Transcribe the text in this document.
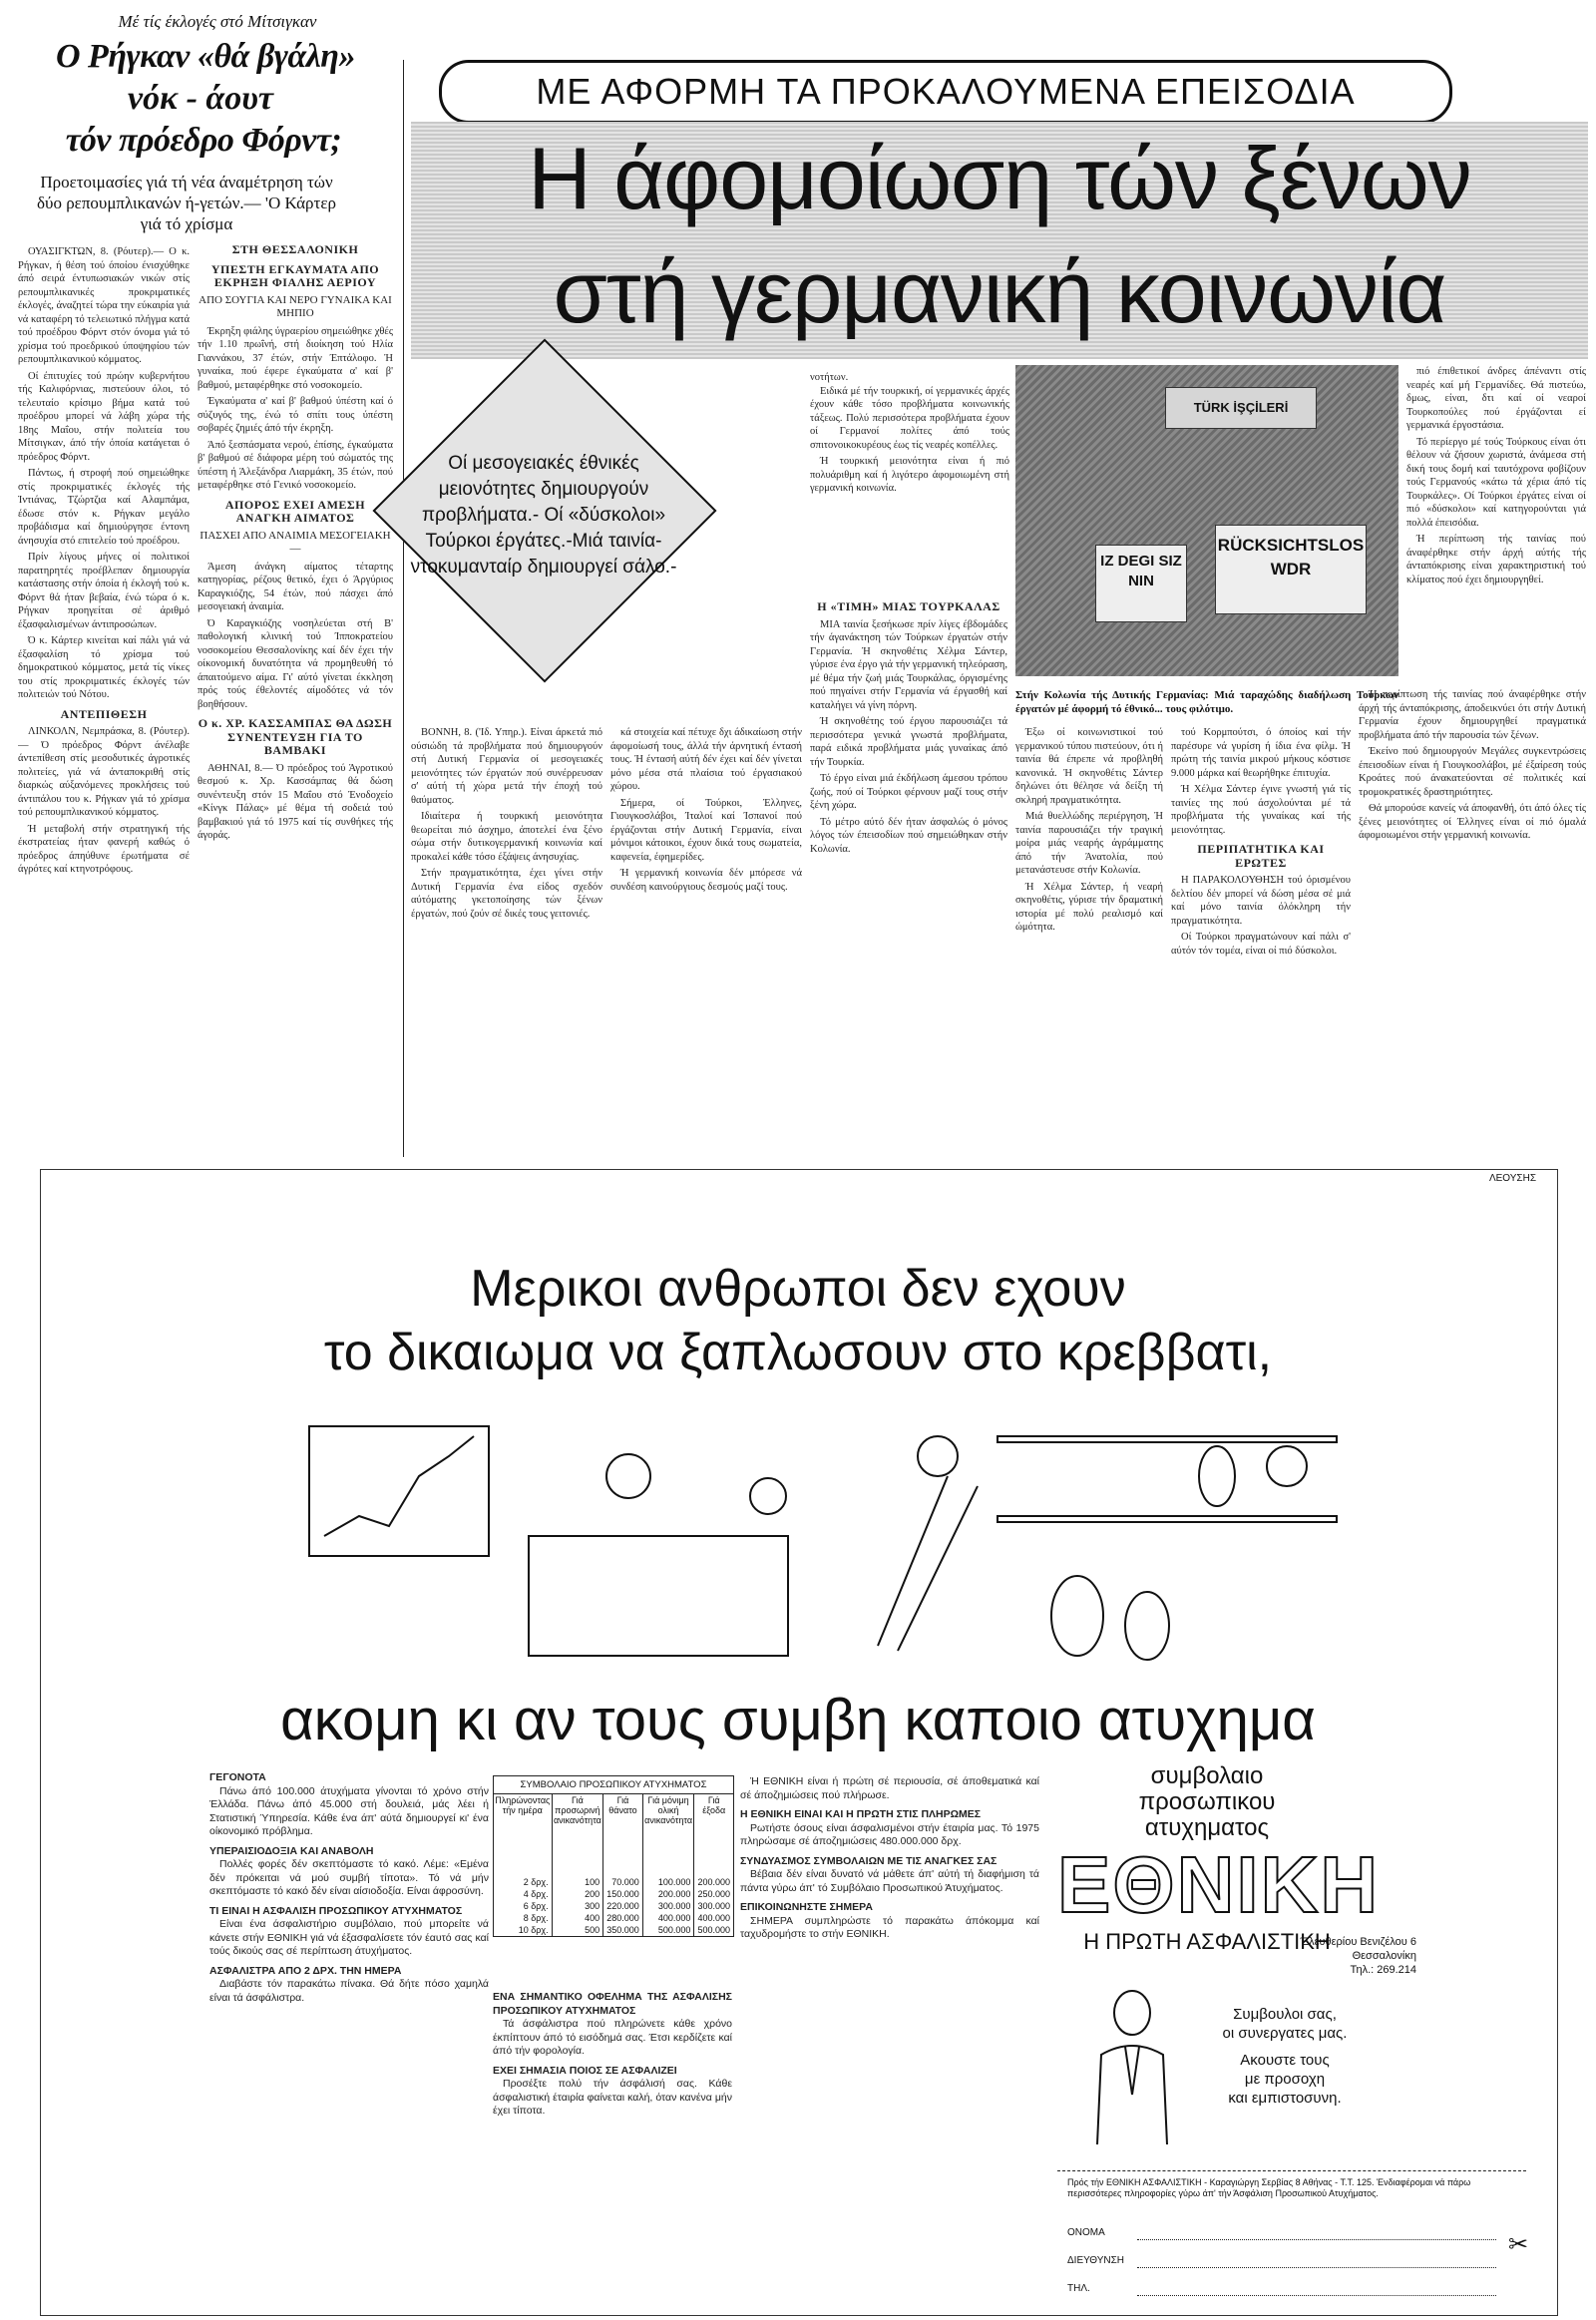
Μέ τίς έκλογές στό Μίτσιγκαν
Ο Ρήγκαν «θά βγάλη»
νόκ - άουτ
τόν πρόεδρο Φόρντ;
Προετοιμασίες γιά τή νέα άναμέτρηση τών δύο ρεπουμπλικανών ή-γετών.— 'Ο Κάρτερ γιά τό χρίσμα

ΟΥΑΣΙΓΚΤΩΝ, 8. (Ρόυτερ).— Ο κ. Ρήγκαν, ή θέση τού όποίου ένισχύθηκε άπό σειρά έντυπωσιακών νικών στίς ρεπουμπλικανικές προκριματικές έκλογές, άναζητεί τώρα την εύκαιρία γιά νά καταφέρη τό τελειωτικό πλήγμα κατά τού προέδρου Φόρντ στόν όνομα γιά τό χρίσμα τού προεδρικού ύποψηφίου τών ρεπουμπλικανικού κόμματος.

Οί έπιτυχίες τού πρώην κυβερνήτου τής Καλιφόρνιας, πιστεύουν όλοι, τό τελευταίο κρίσιμο βήμα κατά τού προέδρου μπορεί νά λάβη χώρα τής 18ης Μαΐου, στήν πολιτεία του Μίτσιγκαν, άπό τήν όποία κατάγεται ό πρόεδρος Φόρντ.

Πάντως, ή στροφή πού σημειώθηκε στίς προκριματικές έκλογές τής Ίντιάνας, Τζώρτζια καί Αλαμπάμα, έδωσε στόν κ. Ρήγκαν μεγάλο προβάδισμα καί δημιούργησε έντονη άνησυχία στό επιτελείο τού προέδρου.

Πρίν λίγους μήνες οί πολιτικοί παρατηρητές προέβλεπαν δημιουργία κατάστασης στήν όποία ή έκλογή τού κ. Φόρντ θά ήταν βεβαία, ένώ τώρα ό κ. Ρήγκαν προηγείται σέ άριθμό έξασφαλισμένων άντιπροσώπων.

Ό κ. Κάρτερ κινείται καί πάλι γιά νά έξασφαλίση τό χρίσμα τού δημοκρατικού κόμματος, μετά τίς νίκες του στίς προκριματικές έκλογές τών πολιτειών τού Νότου.

ΑΝΤΕΠΙΘΕΣΗ

ΛΙΝΚΟΛΝ, Νεμπράσκα, 8. (Ρόυτερ).— Ό πρόεδρος Φόρντ άνέλαβε άντεπίθεση στίς μεσοδυτικές άγροτικές πολιτείες, γιά νά άνταποκριθή στίς διαρκώς αύξανόμενες προκλήσεις τού άντιπάλου του κ. Ρήγκαν γιά τό χρίσμα τού ρεπουμπλικανικού κόμματος.

Ή μεταβολή στήν στρατηγική τής έκστρατείας ήταν φανερή καθώς ό πρόεδρος άπηύθυνε έρωτήματα σέ άγρότες καί κτηνοτρόφους.

ΣΤΗ ΘΕΣΣΑΛΟΝΙΚΗ
ΥΠΕΣΤΗ ΕΓΚΑΥΜΑΤΑ ΑΠΟ ΕΚΡΗΞΗ ΦΙΑΛΗΣ ΑΕΡΙΟΥ
ΑΠΟ ΣΟΥΓΙΑ ΚΑΙ ΝΕΡΟ ΓΥΝΑΙΚΑ ΚΑΙ ΜΗΠΙΟ

Έκρηξη φιάλης ύγραερίου σημειώθηκε χθές τήν 1.10 πρωΐνή, στή διοίκηση τού Ηλία Γιαννάκου, 37 έτών, στήν Έπτάλοφο. Ή γυναίκα, πού έφερε έγκαύματα α' καί β' βαθμού, μεταφέρθηκε στό νοσοκομείο.

Έγκαύματα α' καί β' βαθμού ύπέστη καί ό σύζυγός της, ένώ τό σπίτι τους ύπέστη σοβαρές ζημιές άπό τήν έκρηξη.

Άπό ξεσπάσματα νερού, έπίσης, έγκαύματα β' βαθμού σέ διάφορα μέρη τού σώματός της ύπέστη ή Άλεξάνδρα Λιαρμάκη, 35 έτών, πού μεταφέρθηκε στό Γενικό νοσοκομείο.

ΑΠΟΡΟΣ ΕΧΕΙ ΑΜΕΣΗ ΑΝΑΓΚΗ ΑΙΜΑΤΟΣ
ΠΑΣΧΕΙ ΑΠΟ ΑΝΑΙΜΙΑ ΜΕΣΟΓΕΙΑΚΗ —

Άμεση άνάγκη αίματος τέταρτης κατηγορίας, ρέζους θετικό, έχει ό Άργύριος Καραγκιόζης, 54 έτών, πού πάσχει άπό μεσογειακή άναιμία.

Ό Καραγκιόζης νοσηλεύεται στή Β' παθολογική κλινική τού Ίπποκρατείου νοσοκομείου Θεσσαλονίκης καί δέν έχει τήν οίκονομική δυνατότητα νά προμηθευθή τό άπαιτούμενο αίμα. Γι' αύτό γίνεται έκκληση πρός τούς έθελοντές αίμοδότες νά τόν βοηθήσουν.

Ο κ. ΧΡ. ΚΑΣΣΑΜΠΑΣ ΘΑ ΔΩΣΗ ΣΥΝΕΝΤΕΥΞΗ ΓΙΑ ΤΟ ΒΑΜΒΑΚΙ

ΑΘΗΝΑΙ, 8.— Ό πρόεδρος τού Άγροτικού θεσμού κ. Χρ. Κασσάμπας θά δώση συνέντευξη στόν 15 Μαΐου στό Ένοδοχείο «Κίνγκ Πάλας» μέ θέμα τή σοδειά τού βαμβακιού γιά τό 1975 καί τίς συνθήκες τής άγοράς.

ΜΕ ΑΦΟΡΜΗ ΤΑ ΠΡΟΚΑΛΟΥΜΕΝΑ ΕΠΕΙΣΟΔΙΑ
Η άφομοίωση τών ξένων
στή γερμανική κοινωνία
Οί μεσογειακές έθνικές μειονότητες δημιουργούν προβλήματα.- Οί «δύσκολοι» Τούρκοι έργάτες.-Μιά ταινία-ντοκυμανταίρ δημιουργεί σάλο.-
νοτήτων.

Ειδικά μέ τήν τουρκική, οί γερμανικές άρχές έχουν κάθε τόσο προβλήματα κοινωνικής τάξεως. Πολύ περισσότερα προβλήματα έχουν οί Γερμανοί πολίτες άπό τούς σπιτονοικοκυρέους έως τίς νεαρές κοπέλλες.

Ή τουρκική μειονότητα είναι ή πιό πολυάριθμη καί ή λιγότερο άφομοιωμένη στή γερμανική κοινωνία.

IZ DEGI SIZ NIN
RÜCKSICHTSLOS WDR
TÜRK İŞÇİLERİ
Στήν Κολωνία τής Δυτικής Γερμανίας: Μιά ταραχώδης διαδήλωση Τούρκων έργατών μέ άφορμή τό έθνικό... τους φιλότιμο.

πιό έπιθετικοί άνδρες άπέναντι στίς νεαρές καί μή Γερμανίδες. Θά πιστεύω, δμως, είναι, δτι καί οί νεαροί Τουρκοπούλες πού έργάζονται εί γερμανικά έργοστάσια.

Τό περίεργο μέ τούς Τούρκους είναι ότι θέλουν νά ζήσουν χωριστά, άνάμεσα στή δική τους δομή καί ταυτόχρονα φοβίζουν τούς Γερμανούς «κάτω τά χέρια άπό τίς Τουρκάλες». Οί Τούρκοι έργάτες είναι οί πιό «δύσκολοι» καί κατηγορούνται γιά πολλά έπεισόδια.

Ή περίπτωση τής ταινίας πού άναφέρθηκε στήν άρχή αύτής τής άνταπόκρισης είναι χαρακτηριστική τού κλίματος πού έχει δημιουργηθεί.

ΒΟΝΝΗ, 8. ('Ιδ. Υπηρ.). Είναι άρκετά πιό ούσιώδη τά προβλήματα πού δημιουργούν στή Δυτική Γερμανία οί μεσογειακές μειονότητες τών έργατών πού συνέρρευσαν σ' αύτή τή χώρα μετά τήν έποχή τού θαύματος.

Ιδιαίτερα ή τουρκική μειονότητα θεωρείται πιό άσχημο, άποτελεί ένα ξένο σώμα στήν δυτικογερμανική κοινωνία καί προκαλεί κάθε τόσο έξάψεις άνησυχίας.

Στήν πραγματικότητα, έχει γίνει στήν Δυτική Γερμανία ένα είδος σχεδόν αύτόματης γκετοποίησης τών ξένων έργατών, πού ζούν σέ δικές τους γειτονιές.

κά στοιχεία καί πέτυχε δχι άδικαίωση στήν άφομοίωσή τους, άλλά τήν άρνητική έντασή τους. Ή έντασή αύτή δέν έχει καί δέν γίνεται μόνο μέσα στά πλαίσια τού έργασιακού χώρου.

Σήμερα, οί Τούρκοι, Έλληνες, Γιουγκοσλάβοι, Ίταλοί καί Ίσπανοί πού έργάζονται στήν Δυτική Γερμανία, είναι μόνιμοι κάτοικοι, έχουν δικά τους σωματεία, καφενεία, έφημερίδες.

Ή γερμανική κοινωνία δέν μπόρεσε νά συνδέση καινούργιους δεσμούς μαζί τους.

Η «ΤΙΜΗ» ΜΙΑΣ ΤΟΥΡΚΑΛΑΣ

ΜΙΑ ταινία ξεσήκωσε πρίν λίγες έβδομάδες τήν άγανάκτηση τών Τούρκων έργατών στήν Γερμανία. Ή σκηνοθέτις Χέλμα Σάντερ, γύρισε ένα έργο γιά τήν γερμανική τηλεόραση, μέ θέμα τήν ζωή μιάς Τουρκάλας, όργισμένης πού πηγαίνει στήν Γερμανία νά έργασθή καί καταλήγει νά γίνη πόρνη.

Ή σκηνοθέτης τού έργου παρουσιάζει τά περισσότερα γενικά γνωστά προβλήματα, παρά ειδικά προβλήματα μιάς γυναίκας άπό τήν Τουρκία.

Τό έργο είναι μιά έκδήλωση άμεσου τρόπου ζωής, πού οί Τούρκοι φέρνουν μαζί τους στήν ξένη χώρα.

Τό μέτρο αύτό δέν ήταν άσφαλώς ό μόνος λόγος τών έπεισοδίων πού σημειώθηκαν στήν Κολωνία.

Έξω οί κοινωνιστικοί τού γερμανικού τύπου πιστεύουν, ότι ή ταινία θά έπρεπε νά προβληθή κανονικά. Ή σκηνοθέτις Σάντερ δηλώνει ότι θέλησε νά δείξη τή σκληρή πραγματικότητα.

Μιά θυελλώδης περιέργηση, Ή ταινία παρουσιάζει τήν τραγική μοίρα μιάς νεαρής άγράμματης άπό τήν Άνατολία, πού μετανάστευσε στήν Κολωνία.

Ή Χέλμα Σάντερ, ή νεαρή σκηνοθέτις, γύρισε τήν δραματική ιστορία μέ πολύ ρεαλισμό καί ώμότητα.

τού Κορμπούτσι, ό όποίος καί τήν παρέσυρε νά γυρίση ή ίδια ένα φίλμ. Ή πρώτη τής ταινία μικρού μήκους κόστισε 9.000 μάρκα καί θεωρήθηκε έπιτυχία.

Ή Χέλμα Σάντερ έγινε γνωστή γιά τίς ταινίες της πού άσχολούνται μέ τά προβλήματα τής γυναίκας καί τής μειονότητας.

ΠΕΡΙΠΑΤΗΤΙΚΑ ΚΑΙ ΕΡΩΤΕΣ

Η ΠΑΡΑΚΟΛΟΥΘΗΣΗ τού όρισμένου δελτίου δέν μπορεί νά δώση μέσα σέ μιά καί μόνο ταινία όλόκληρη τήν πραγματικότητα.

Οί Τούρκοι πραγματώνουν καί πάλι σ' αύτόν τόν τομέα, είναι οί πιό δύσκολοι.

Ή περίπτωση τής ταινίας πού άναφέρθηκε στήν άρχή τής άνταπόκρισης, άποδεικνύει ότι στήν Δυτική Γερμανία έχουν δημιουργηθεί πραγματικά προβλήματα άπό τήν παρουσία τών ξένων.

Έκείνο πού δημιουργούν Μεγάλες συγκεντρώσεις έπεισοδίων είναι ή Γιουγκοσλάβοι, μέ έξαίρεση τούς Κροάτες πού άνακατεύονται σέ πολιτικές καί τρομοκρατικές δραστηριότητες.

Θά μπορούσε κανείς νά άποφανθή, ότι άπό όλες τίς ξένες μειονότητες οί Έλληνες είναι οί πιό όμαλά άφομοιωμένοι στήν γερμανική κοινωνία.

ΛΕΟΥΣΗΣ
Μερικοι ανθρωποι δεν εχουν
το δικαιωμα να ξαπλωσουν στο κρεββατι,
ακομη κι αν τους συμβη καποιο ατυχημα
ΓΕΓΟΝΟΤΑ

Πάνω άπό 100.000 άτυχήματα γίνονται τό χρόνο στήν Έλλάδα. Πάνω άπό 45.000 στή δουλειά, μάς λέει ή Στατιστική Ύπηρεσία. Κάθε ένα άπ' αύτά δημιουργεί κι' ένα οίκονομικό πρόβλημα.

ΥΠΕΡΑΙΣΙΟΔΟΞΙΑ ΚΑΙ ΑΝΑΒΟΛΗ

Πολλές φορές δέν σκεπτόμαστε τό κακό. Λέμε: «Εμένα δέν πρόκειται νά μού συμβή τίποτα». Τό νά μήν σκεπτόμαστε τό κακό δέν είναι αίσιοδοξία. Είναι άφροσύνη.

ΤΙ ΕΙΝΑΙ Η ΑΣΦΑΛΙΣΗ ΠΡΟΣΩΠΙΚΟΥ ΑΤΥΧΗΜΑΤΟΣ

Είναι ένα άσφαλιστήριο συμβόλαιο, πού μπορείτε νά κάνετε στήν ΕΘΝΙΚΗ γιά νά έξασφαλίσετε τόν έαυτό σας καί τούς δικούς σας σέ περίπτωση άτυχήματος.

ΑΣΦΑΛΙΣΤΡΑ ΑΠΟ 2 ΔΡΧ. ΤΗΝ ΗΜΕΡΑ

Διαβάστε τόν παρακάτω πίνακα. Θά δήτε πόσο χαμηλά είναι τά άσφάλιστρα.

ΣΥΜΒΟΛΑΙΟ ΠΡΟΣΩΠΙΚΟΥ ΑΤΥΧΗΜΑΤΟΣ
Πληρώνοντας τήν ημέρα	Γιά προσωρινή ανικανότητα	Γιά θάνατο	Γιά μόνιμη ολική ανικανότητα	Γιά έξοδα
2 δρχ.	100	70.000	100.000	200.000
4 δρχ.	200	150.000	200.000	250.000
6 δρχ.	300	220.000	300.000	300.000
8 δρχ.	400	280.000	400.000	400.000
10 δρχ.	500	350.000	500.000	500.000
ΕΝΑ ΣΗΜΑΝΤΙΚΟ ΟΦΕΛΗΜΑ ΤΗΣ ΑΣΦΑΛΙΣΗΣ ΠΡΟΣΩΠΙΚΟΥ ΑΤΥΧΗΜΑΤΟΣ

Τά άσφάλιστρα πού πληρώνετε κάθε χρόνο έκπίπτουν άπό τό εισόδημά σας. Έτσι κερδίζετε καί άπό τήν φορολογία.

ΕΧΕΙ ΣΗΜΑΣΙΑ ΠΟΙΟΣ ΣΕ ΑΣΦΑΛΙΖΕΙ

Προσέξτε πολύ τήν άσφάλισή σας. Κάθε άσφαλιστική έταιρία φαίνεται καλή, όταν κανένα μήν έχει τίποτα.

Ή ΕΘΝΙΚΗ είναι ή πρώτη σέ περιουσία, σέ άποθεματικά καί σέ άποζημιώσεις πού πλήρωσε.

Η ΕΘΝΙΚΗ ΕΙΝΑΙ ΚΑΙ Η ΠΡΩΤΗ ΣΤΙΣ ΠΛΗΡΩΜΕΣ

Ρωτήστε όσους είναι άσφαλισμένοι στήν έταιρία μας. Τό 1975 πληρώσαμε σέ άποζημιώσεις 480.000.000 δρχ.

ΣΥΝΔΥΑΣΜΟΣ ΣΥΜΒΟΛΑΙΩΝ ΜΕ ΤΙΣ ΑΝΑΓΚΕΣ ΣΑΣ

Βέβαια δέν είναι δυνατό νά μάθετε άπ' αύτή τή διαφήμιση τά πάντα γύρω άπ' τό Συμβόλαιο Προσωπικού Άτυχήματος.

ΕΠΙΚΟΙΝΩΝΗΣΤΕ ΣΗΜΕΡΑ

ΣΗΜΕΡΑ συμπληρώστε τό παρακάτω άπόκομμα καί ταχυδρομήστε το στήν ΕΘΝΙΚΗ.

συμβολαιο
προσωπικου
ατυχηματος
ΕΘΝΙΚΗ
Η ΠΡΩΤΗ ΑΣΦΑΛΙΣΤΙΚΗ
Έλευθερίου Βενιζέλου 6
Θεσσαλονίκη
Τηλ.: 269.214
Συμβουλοι σας,
οι συνεργατες μας.
Ακουστε τους
με προσοχη
και εμπιστοσυνη.
Πρός τήν ΕΘΝΙΚΗ ΑΣΦΑΛΙΣΤΙΚΗ - Καραγιώργη Σερβίας 8 Αθήνας - Τ.Τ. 125. Ένδιαφέρομαι νά πάρω περισσότερες πληροφορίες γύρω άπ' τήν Άσφάλιση Προσωπικού Ατυχήματος.
ΟΝΟΜΑ
ΔΙΕΥΘΥΝΣΗ
ΤΗΛ.
✂
